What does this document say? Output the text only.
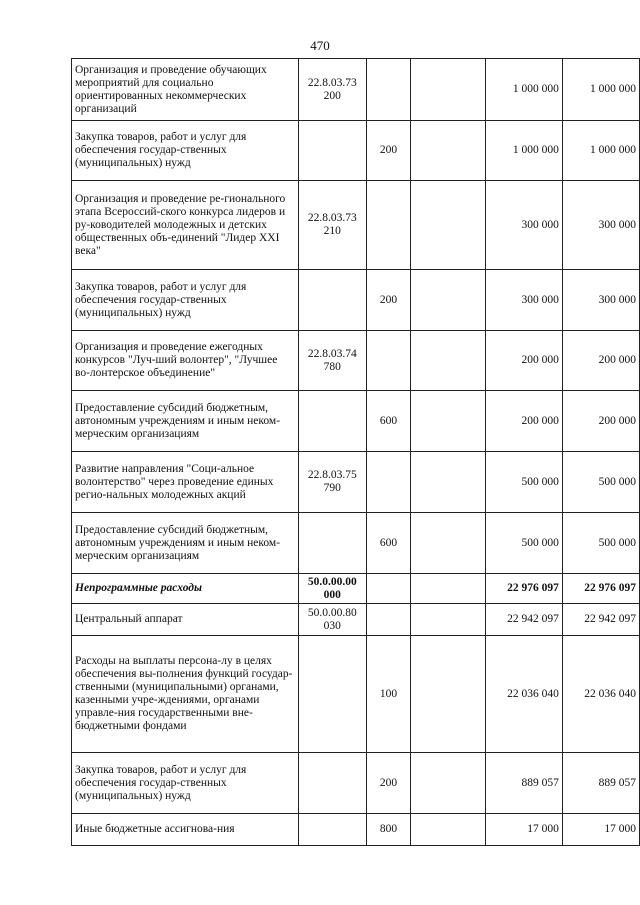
470
Организация и проведение обучающих мероприятий для социально ориентированных некоммерческих организаций	22.8.03.73 200			1 000 000	1 000 000
Закупка товаров, работ и услуг для обеспечения государ-ственных (муниципальных) нужд		200		1 000 000	1 000 000
Организация и проведение ре-гионального этапа Всероссий-ского конкурса лидеров и ру-ководителей молодежных и детских общественных объ-единений "Лидер XXI века"	22.8.03.73 210			300 000	300 000
Закупка товаров, работ и услуг для обеспечения государ-ственных (муниципальных) нужд		200		300 000	300 000
Организация и проведение ежегодных конкурсов "Луч-ший волонтер", "Лучшее во-лонтерское объединение"	22.8.03.74 780			200 000	200 000
Предоставление субсидий бюджетным, автономным учреждениям и иным неком-мерческим организациям		600		200 000	200 000
Развитие направления "Соци-альное волонтерство" через проведение единых регио-нальных молодежных акций	22.8.03.75 790			500 000	500 000
Предоставление субсидий бюджетным, автономным учреждениям и иным неком-мерческим организациям		600		500 000	500 000
Непрограммные расходы	50.0.00.00 000			22 976 097	22 976 097
Центральный аппарат	50.0.00.80 030			22 942 097	22 942 097
Расходы на выплаты персона-лу в целях обеспечения вы-полнения функций государ-ственными (муниципальными) органами, казенными учре-ждениями, органами управле-ния государственными вне-бюджетными фондами		100		22 036 040	22 036 040
Закупка товаров, работ и услуг для обеспечения государ-ственных (муниципальных) нужд		200		889 057	889 057
Иные бюджетные ассигнова-ния		800		17 000	17 000
